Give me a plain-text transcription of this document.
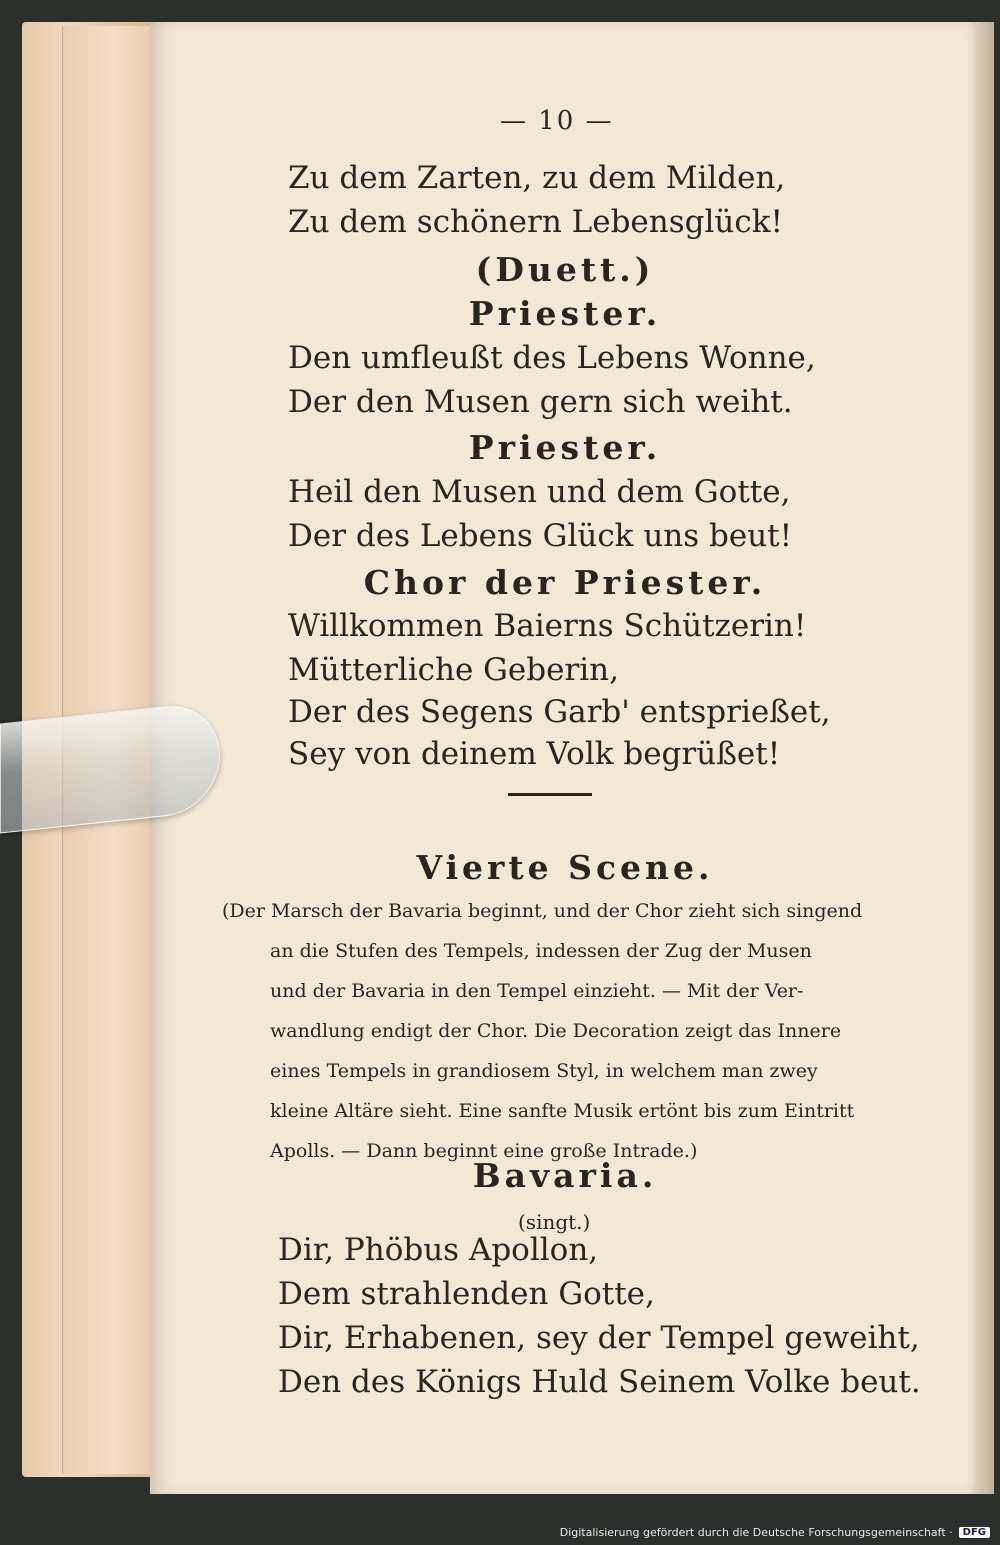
— 10 —
Zu dem Zarten, zu dem Milden,
Zu dem schönern Lebensglück!
(Duett.)
Priester.
Den umfleußt des Lebens Wonne,
Der den Musen gern sich weiht.
Priester.
Heil den Musen und dem Gotte,
Der des Lebens Glück uns beut!
Chor der Priester.
Willkommen Baierns Schützerin!
Mütterliche Geberin,
Der des Segens Garb' entsprießet,
Sey von deinem Volk begrüßet!
Vierte Scene.
(Der Marsch der Bavaria beginnt, und der Chor zieht sich singend
an die Stufen des Tempels, indessen der Zug der Musen
und der Bavaria in den Tempel einzieht. — Mit der Ver-
wandlung endigt der Chor. Die Decoration zeigt das Innere
eines Tempels in grandiosem Styl, in welchem man zwey
kleine Altäre sieht. Eine sanfte Musik ertönt bis zum Eintritt
Apolls. — Dann beginnt eine große Intrade.)
Bavaria.
(singt.)
Dir, Phöbus Apollon,
Dem strahlenden Gotte,
Dir, Erhabenen, sey der Tempel geweiht,
Den des Königs Huld Seinem Volke beut.
Digitalisierung gefördert durch die Deutsche Forschungsgemeinschaft ·	DFG
